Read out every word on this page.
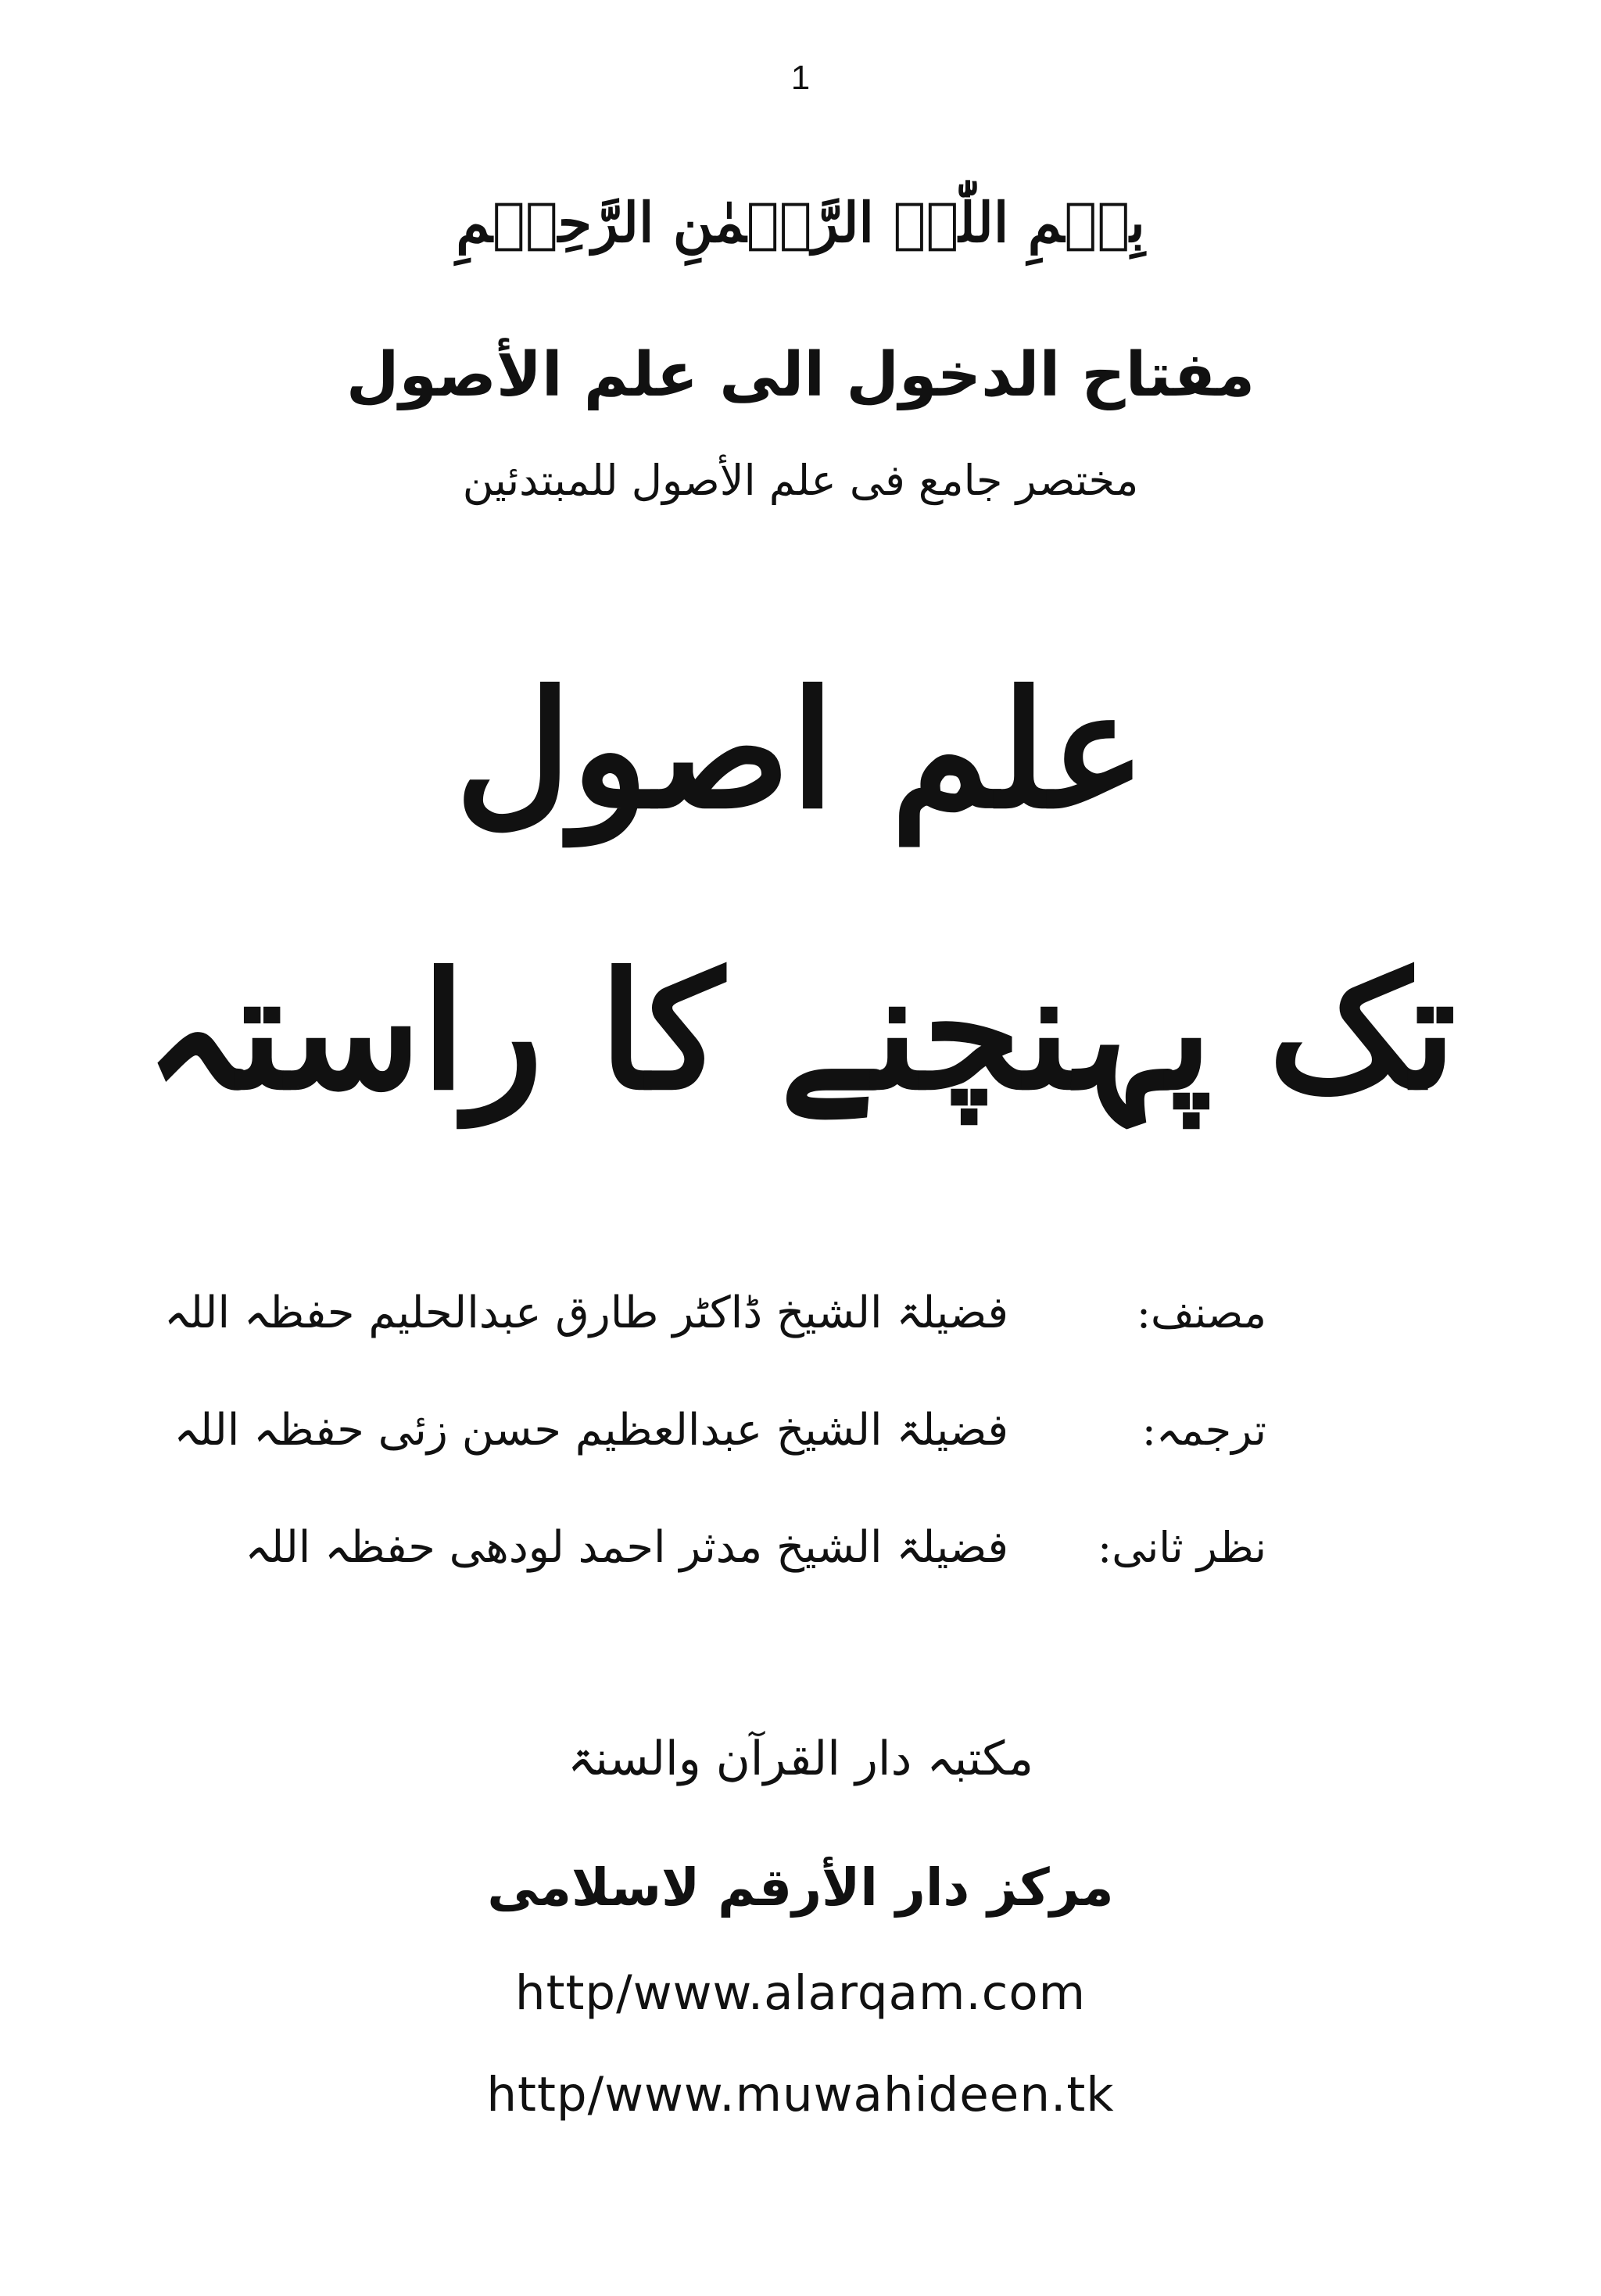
1
بِسۡمِ اللّٰہِ الرَّحۡمٰنِ الرَّحِیۡمِ
مفتاح الدخول الی علم الأصول
مختصر جامع فی علم الأصول للمبتدئین
علم اصول
تک پہنچنے کا راستہ
مصنف:
فضیلۃ الشیخ ڈاکٹر طارق عبدالحلیم حفظہ اللہ
ترجمہ:
فضیلۃ الشیخ عبدالعظیم حسن زئی حفظہ اللہ
نظر ثانی:
فضیلۃ الشیخ مدثر احمد لودھی حفظہ اللہ
مکتبہ دار القرآن والسنۃ
مرکز دار الأرقم لاسلامی
http/www.alarqam.com
http/www.muwahideen.tk
